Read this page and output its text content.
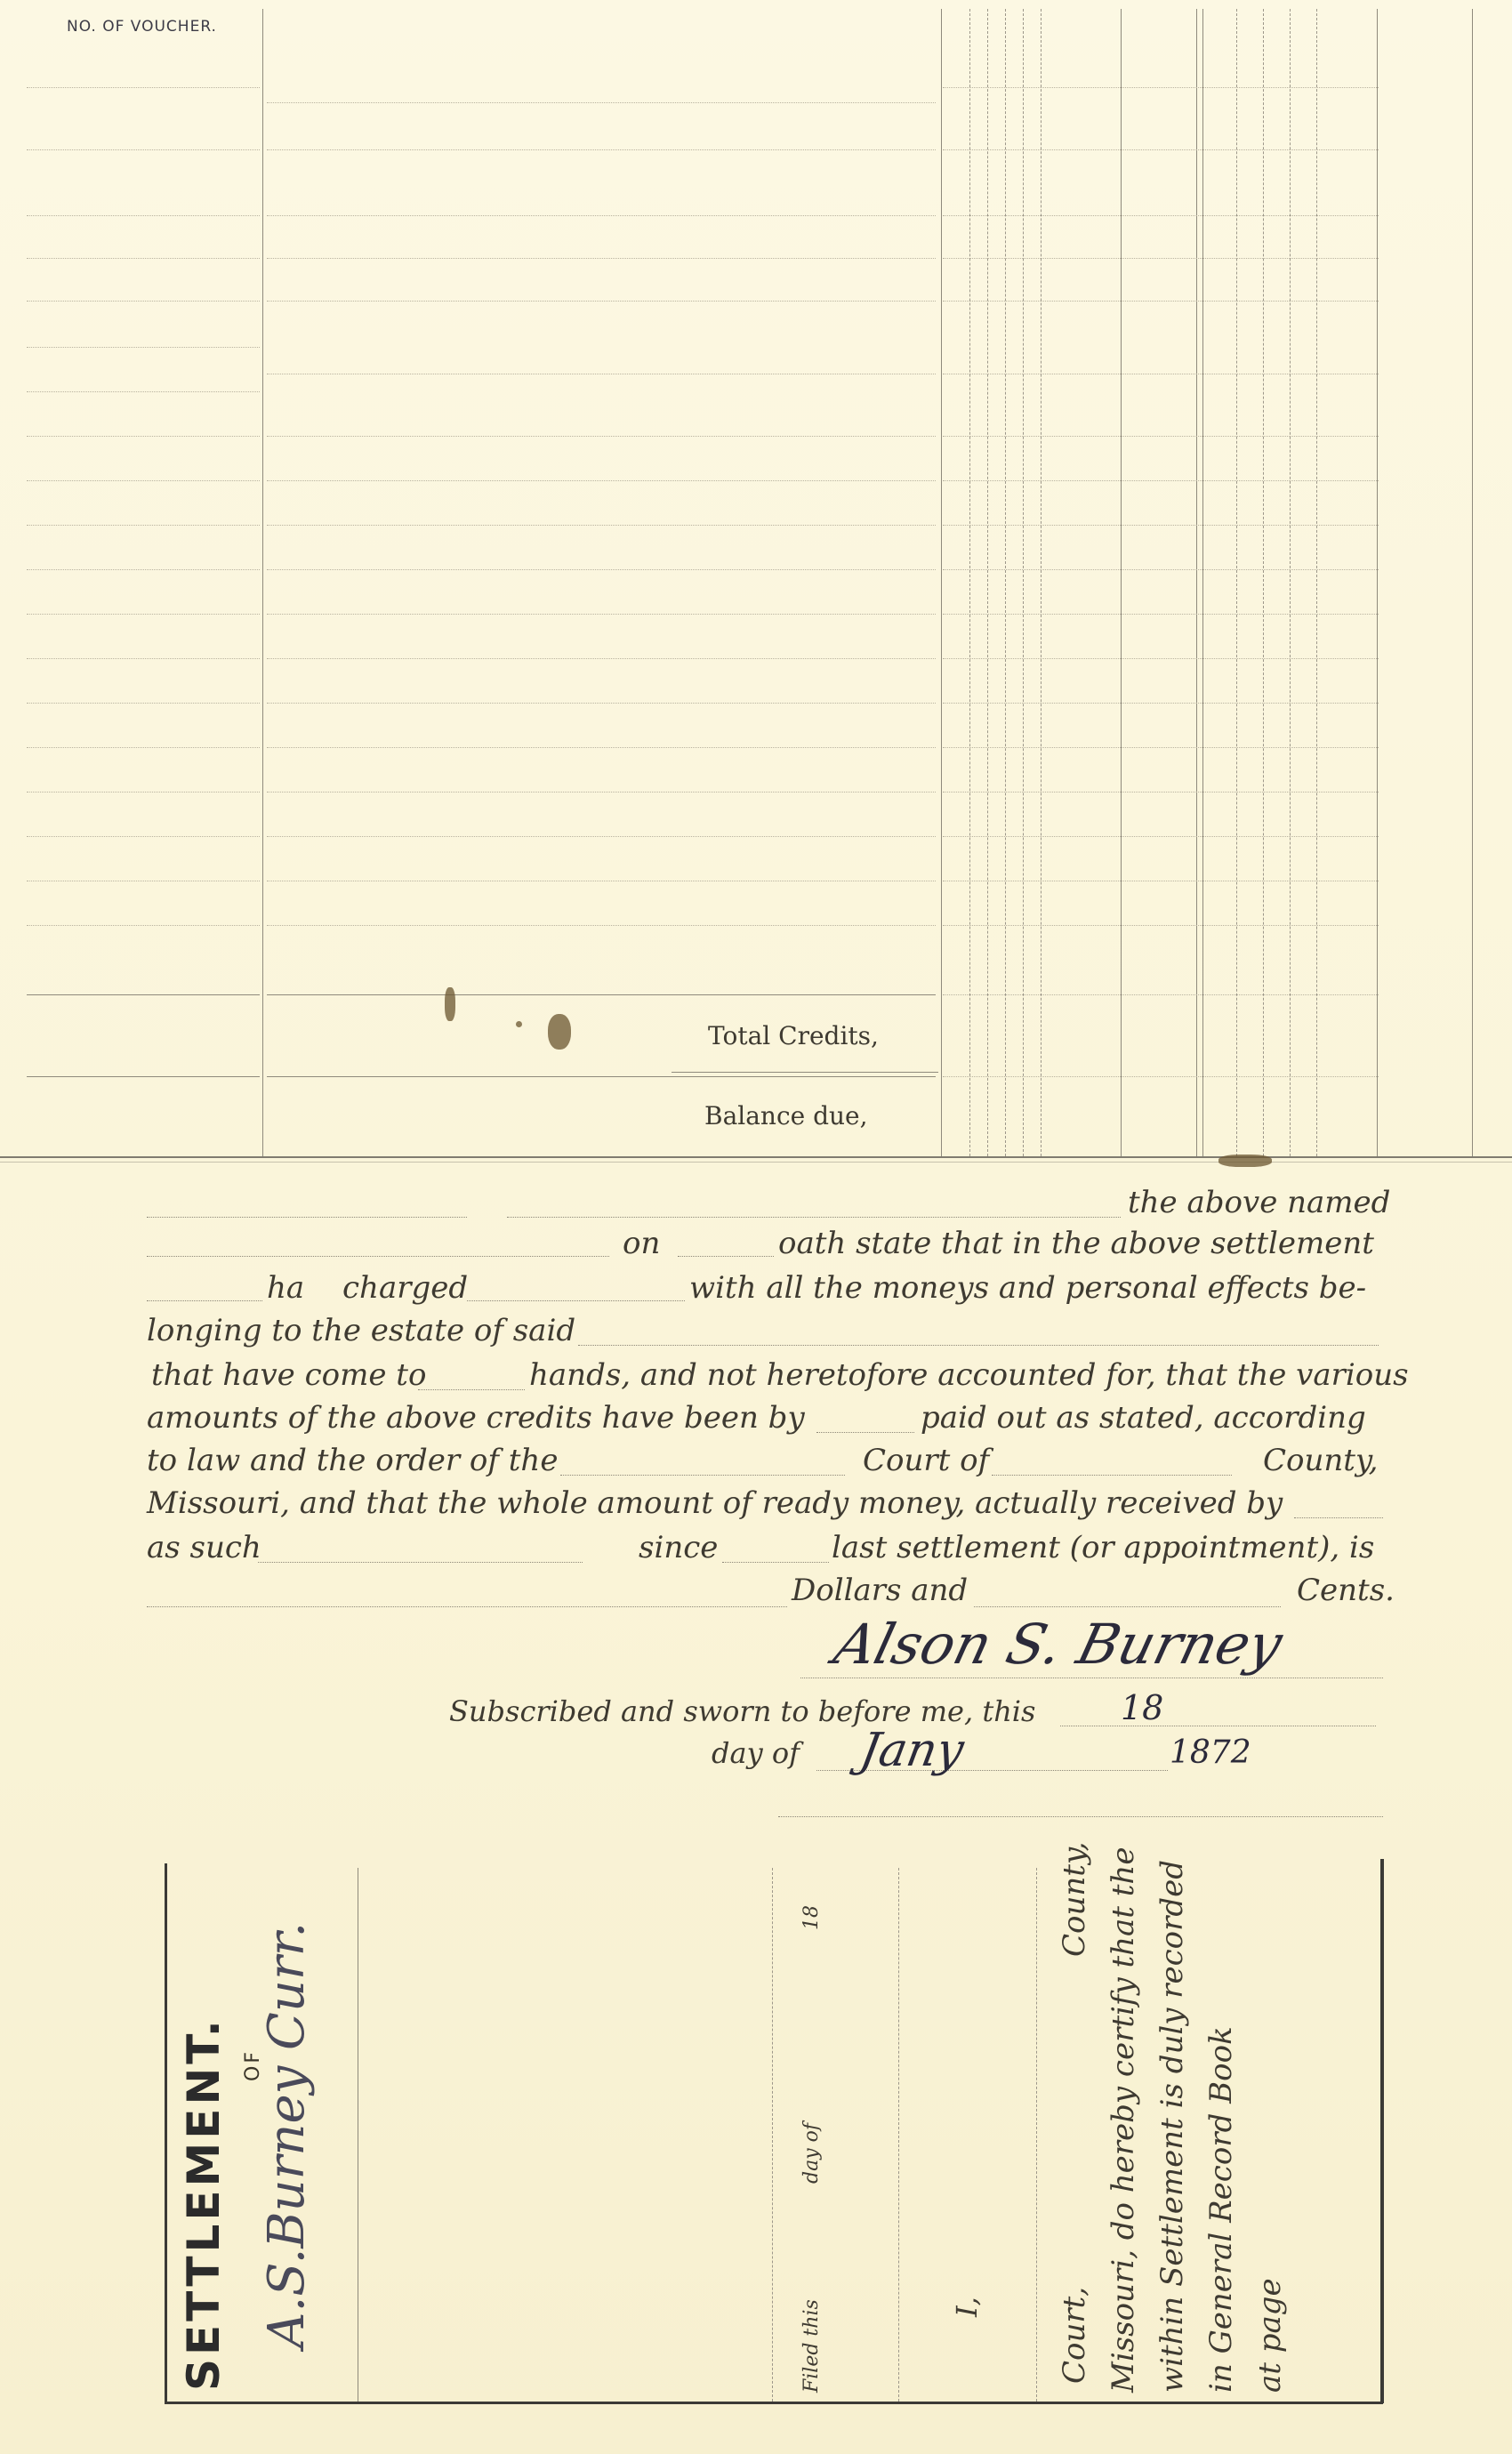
NO. OF VOUCHER.
Total Credits,
Balance due,
the above named
on	oath state that in the above settlement
ha charged	with all the moneys and personal effects be-
longing to the estate of said
that have come to	hands, and not heretofore accounted for, that the various
amounts of the above credits have been by	paid out as stated, according
to law and the order of the	Court of	County,
Missouri, and that the whole amount of ready money, actually received by
as such	since	last settlement (or appointment), is
Dollars and	Cents.
Alson S. Burney
Subscribed and sworn to before me, this	18
day of Jany	1872
SETTLEMENT. OF
A.S.Burney Curr.	Filed this
day of
18
I, Court,
County, Missouri, do hereby certify that the within Settlement is duly recorded in General Record Book at page
